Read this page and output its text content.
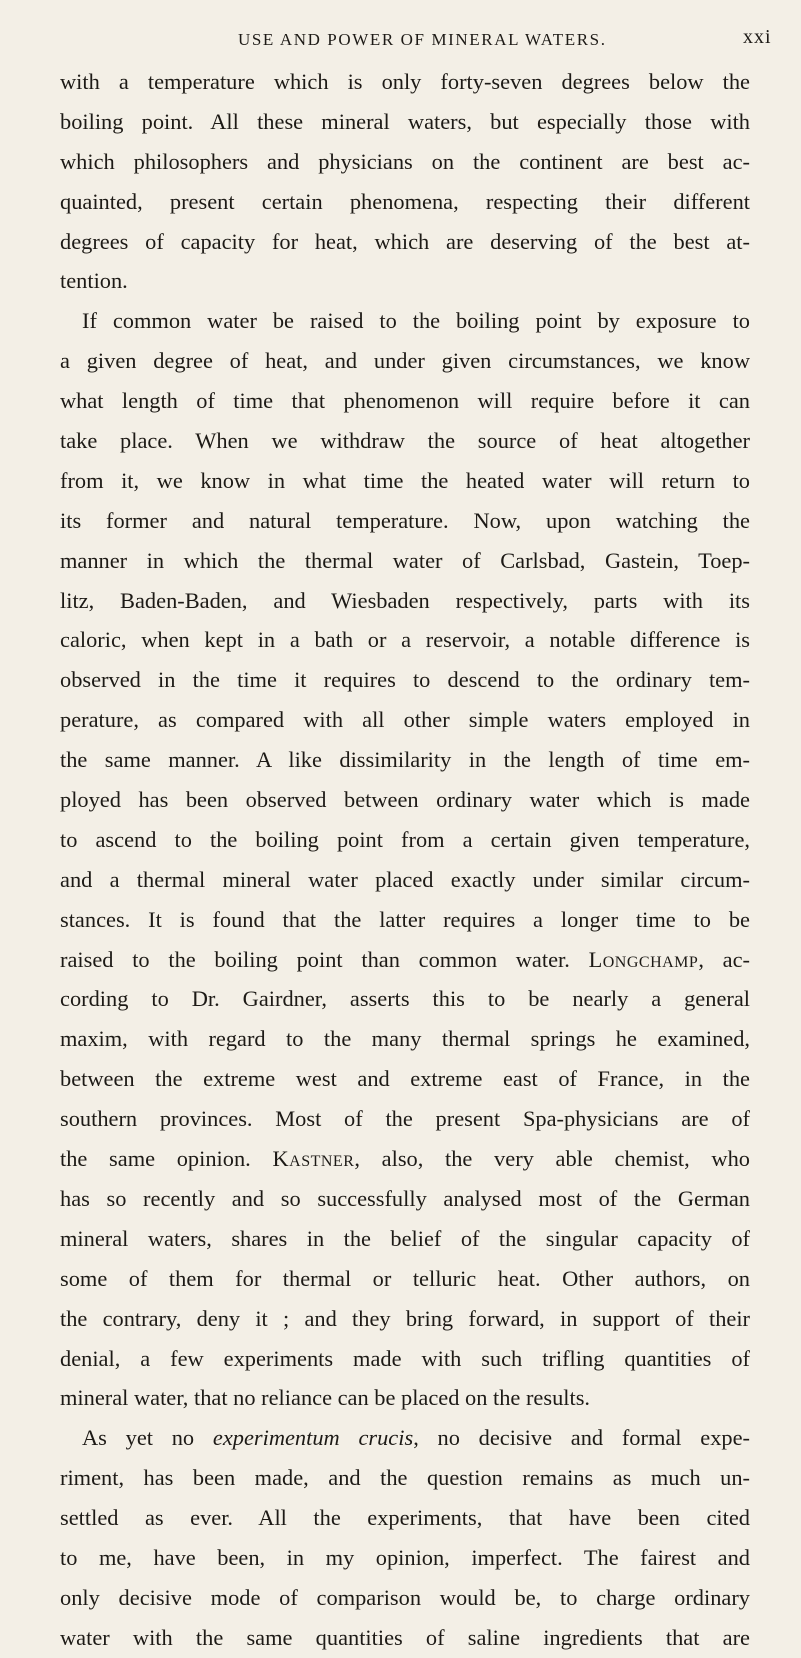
USE AND POWER OF MINERAL WATERS.	xxi
with a temperature which is only forty-seven degrees below the
boiling point. All these mineral waters, but especially those with
which philosophers and physicians on the continent are best ac-
quainted, present certain phenomena, respecting their different
degrees of capacity for heat, which are deserving of the best at-
tention.
If common water be raised to the boiling point by exposure to
a given degree of heat, and under given circumstances, we know
what length of time that phenomenon will require before it can
take place. When we withdraw the source of heat altogether
from it, we know in what time the heated water will return to
its former and natural temperature. Now, upon watching the
manner in which the thermal water of Carlsbad, Gastein, Toep-
litz, Baden-Baden, and Wiesbaden respectively, parts with its
caloric, when kept in a bath or a reservoir, a notable difference is
observed in the time it requires to descend to the ordinary tem-
perature, as compared with all other simple waters employed in
the same manner. A like dissimilarity in the length of time em-
ployed has been observed between ordinary water which is made
to ascend to the boiling point from a certain given temperature,
and a thermal mineral water placed exactly under similar circum-
stances. It is found that the latter requires a longer time to be
raised to the boiling point than common water. Longchamp, ac-
cording to Dr. Gairdner, asserts this to be nearly a general
maxim, with regard to the many thermal springs he examined,
between the extreme west and extreme east of France, in the
southern provinces. Most of the present Spa-physicians are of
the same opinion. Kastner, also, the very able chemist, who
has so recently and so successfully analysed most of the German
mineral waters, shares in the belief of the singular capacity of
some of them for thermal or telluric heat. Other authors, on
the contrary, deny it ; and they bring forward, in support of their
denial, a few experiments made with such trifling quantities of
mineral water, that no reliance can be placed on the results.
As yet no experimentum crucis, no decisive and formal expe-
riment, has been made, and the question remains as much un-
settled as ever. All the experiments, that have been cited
to me, have been, in my opinion, imperfect. The fairest and
only decisive mode of comparison would be, to charge ordinary
water with the same quantities of saline ingredients that are
